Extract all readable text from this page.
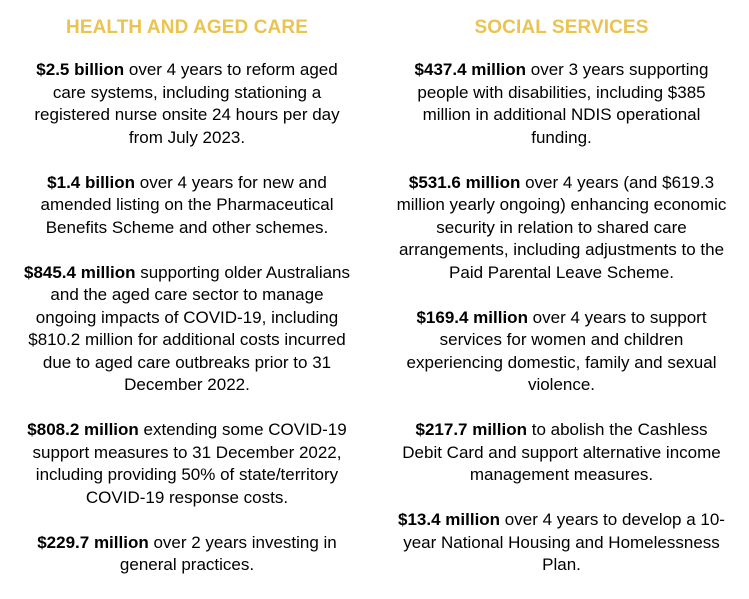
HEALTH AND AGED CARE

$2.5 billion over 4 years to reform aged care systems, including stationing a registered nurse onsite 24 hours per day from July 2023.

$1.4 billion over 4 years for new and amended listing on the Pharmaceutical Benefits Scheme and other schemes.

$845.4 million supporting older Australians and the aged care sector to manage ongoing impacts of COVID-19, including $810.2 million for additional costs incurred due to aged care outbreaks prior to 31 December 2022.

$808.2 million extending some COVID-19 support measures to 31 December 2022, including providing 50% of state/territory COVID-19 response costs.

$229.7 million over 2 years investing in general practices.

SOCIAL SERVICES

$437.4 million over 3 years supporting people with disabilities, including $385 million in additional NDIS operational funding.

$531.6 million over 4 years (and $619.3 million yearly ongoing) enhancing economic security in relation to shared care arrangements, including adjustments to the Paid Parental Leave Scheme.

$169.4 million over 4 years to support services for women and children experiencing domestic, family and sexual violence.

$217.7 million to abolish the Cashless Debit Card and support alternative income management measures.

$13.4 million over 4 years to develop a 10-year National Housing and Homelessness Plan.
